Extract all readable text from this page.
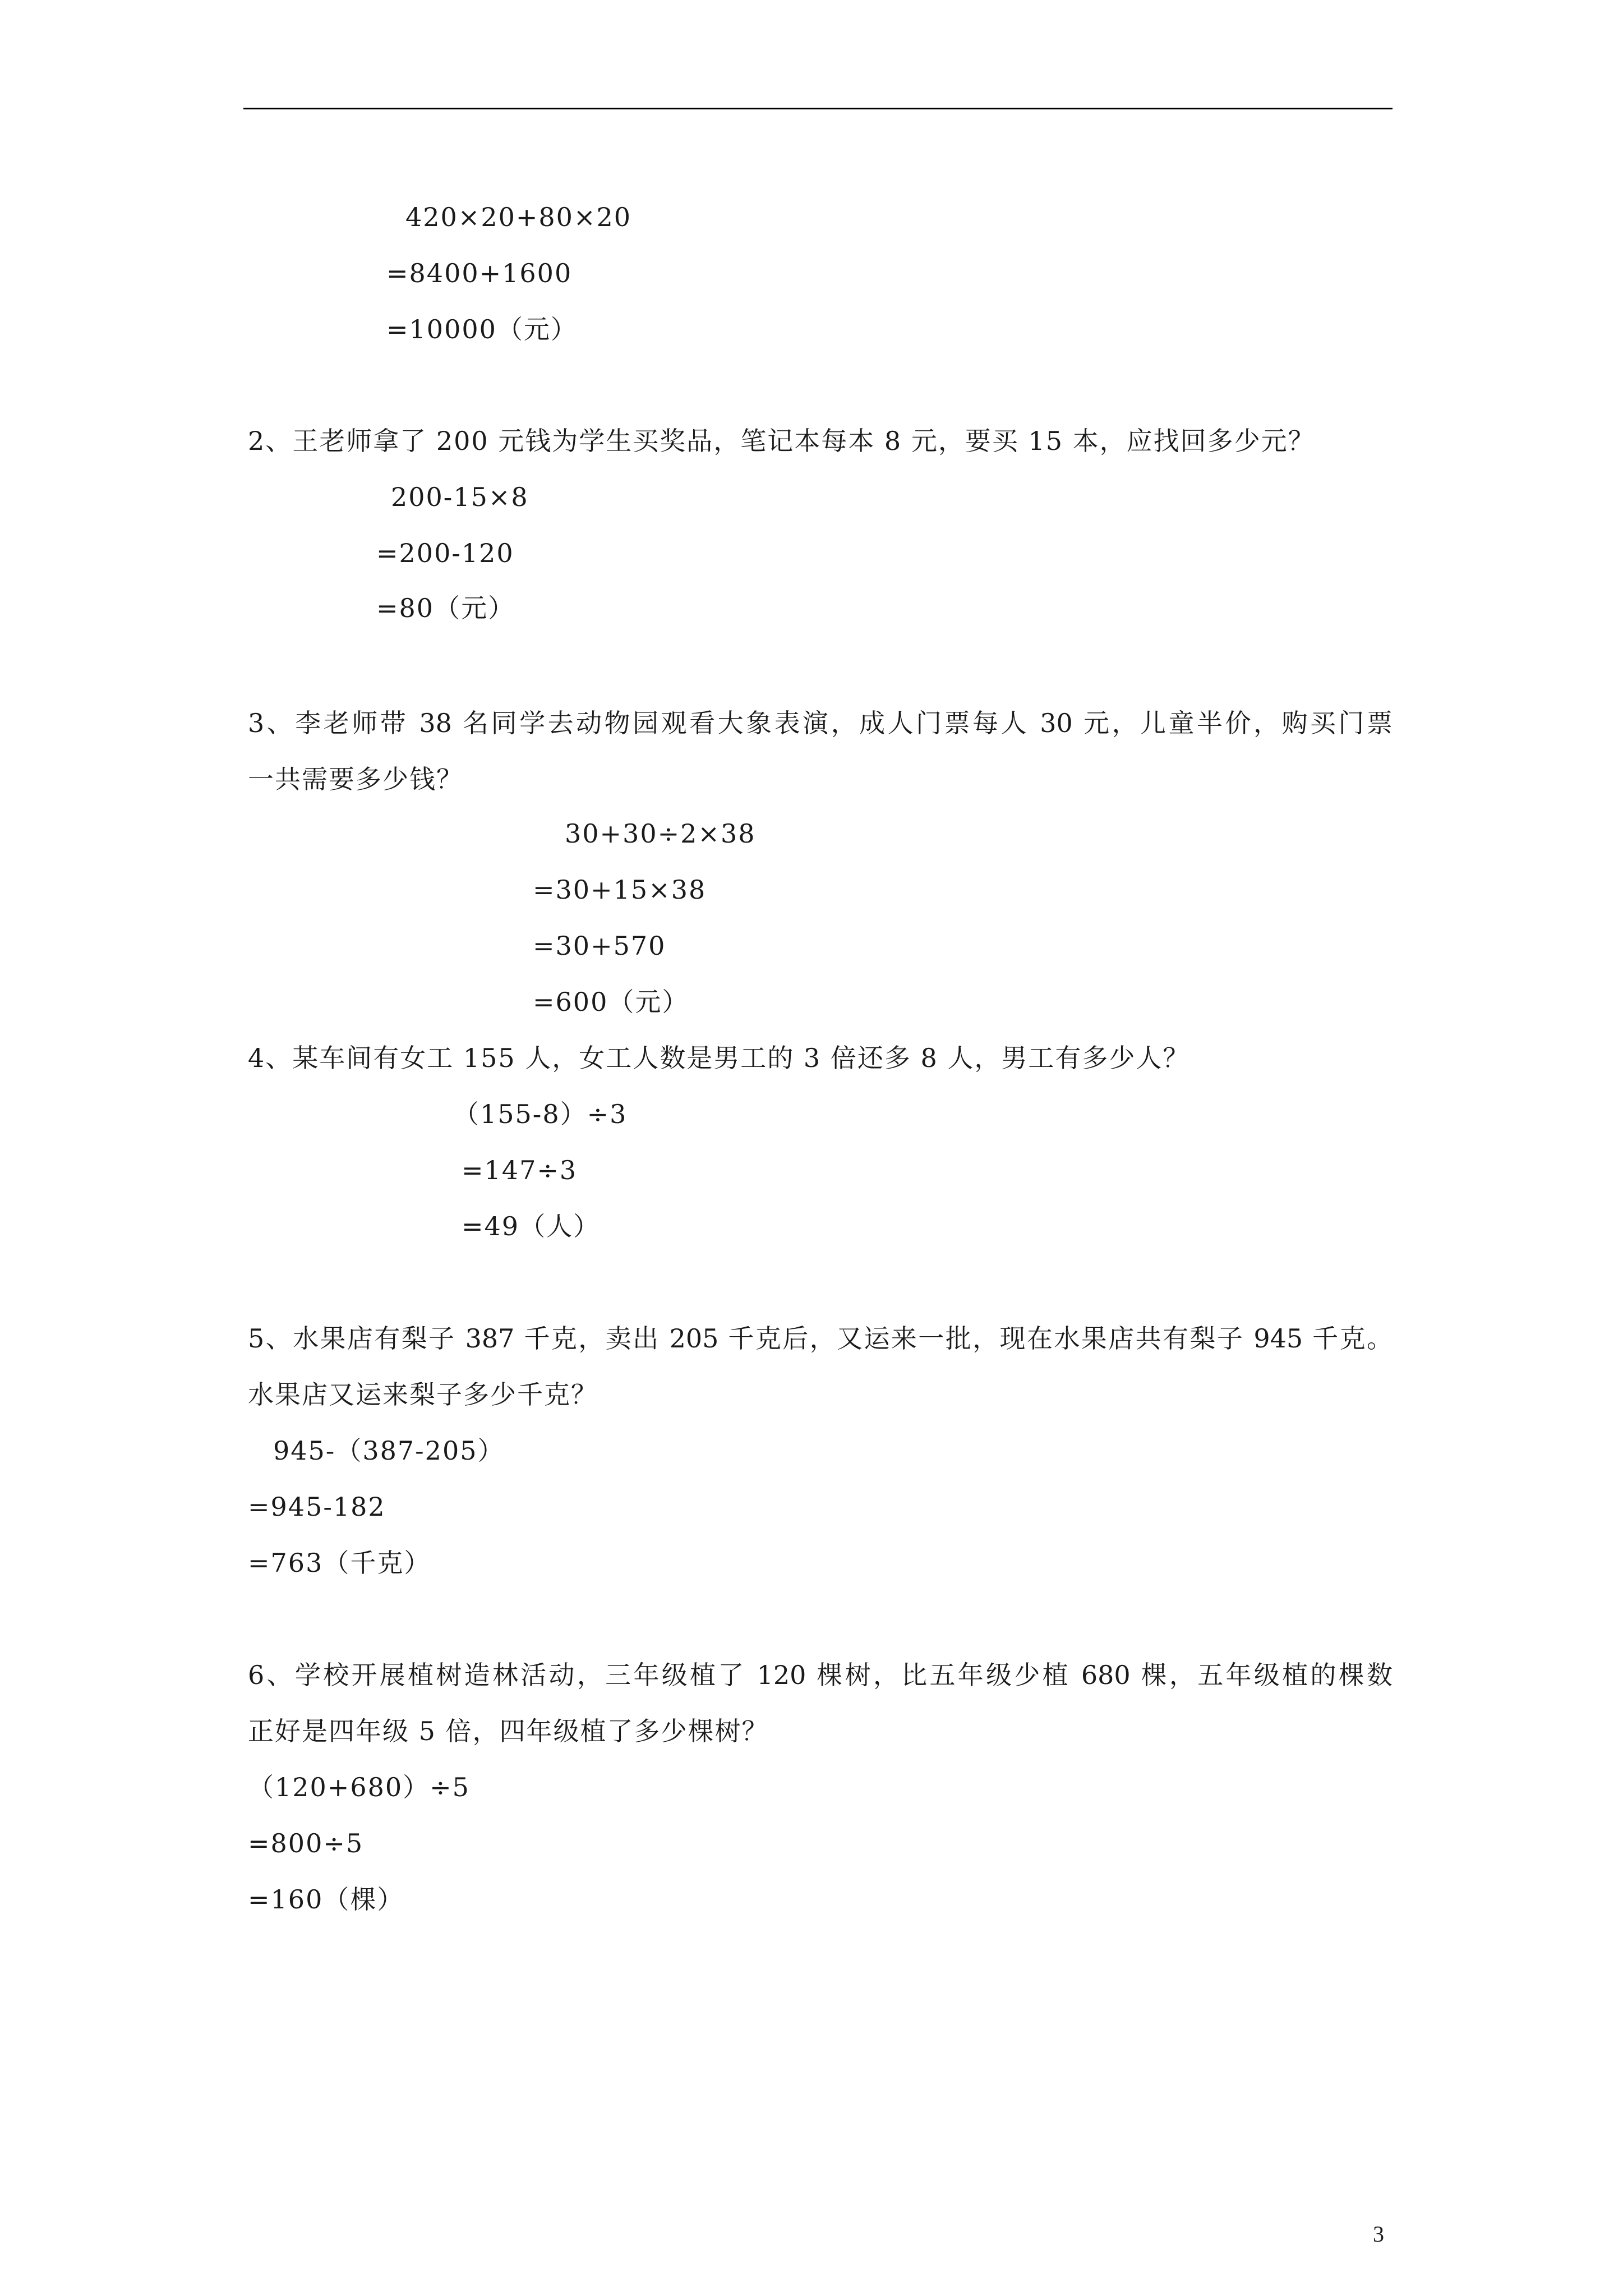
420×20+80×20
=8400+1600
=10000（元）
2、王老师拿了 200 元钱为学生买奖品，笔记本每本 8 元，要买 15 本，应找回多少元？
200-15×8
=200-120
=80（元）
3、李老师带 38 名同学去动物园观看大象表演，成人门票每人 30 元，儿童半价，购买门票
一共需要多少钱？
30+30÷2×38
=30+15×38
=30+570
=600（元）
4、某车间有女工 155 人，女工人数是男工的 3 倍还多 8 人，男工有多少人？
（155-8）÷3
=147÷3
=49（人）
5、水果店有梨子 387 千克，卖出 205 千克后，又运来一批，现在水果店共有梨子 945 千克。
水果店又运来梨子多少千克？
945-（387-205）
=945-182
=763（千克）
6、学校开展植树造林活动，三年级植了 120 棵树，比五年级少植 680 棵，五年级植的棵数
正好是四年级 5 倍，四年级植了多少棵树？
（120+680）÷5
=800÷5
=160（棵）
3
